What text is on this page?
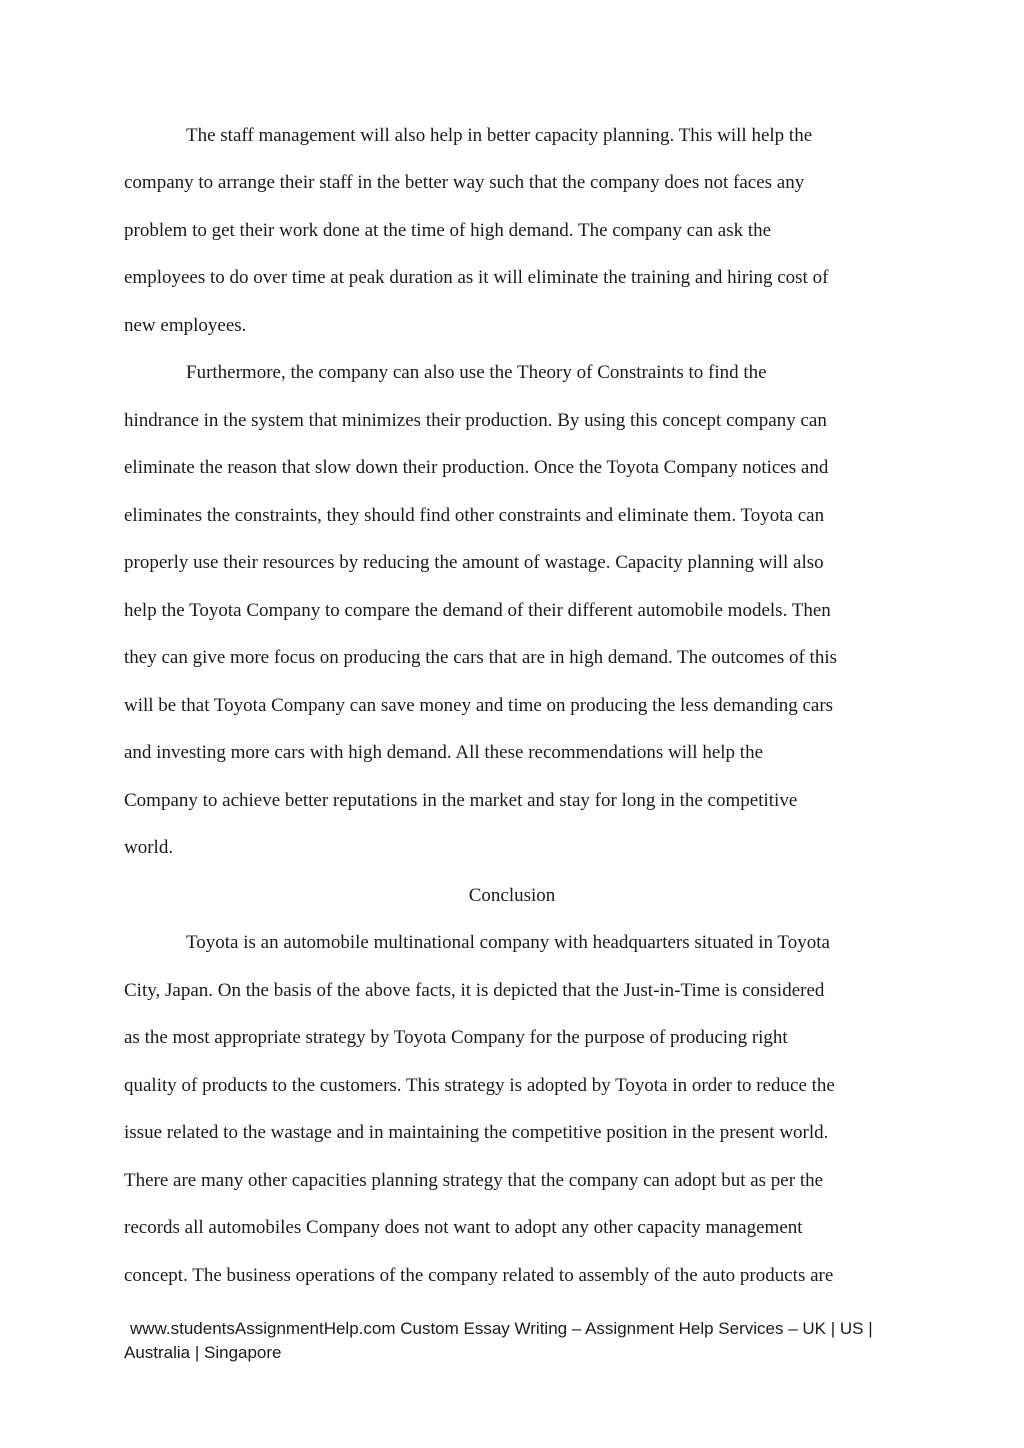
The staff management will also help in better capacity planning. This will help the
company to arrange their staff in the better way such that the company does not faces any
problem to get their work done at the time of high demand. The company can ask the
employees to do over time at peak duration as it will eliminate the training and hiring cost of
new employees.
Furthermore, the company can also use the Theory of Constraints to find the
hindrance in the system that minimizes their production. By using this concept company can
eliminate the reason that slow down their production. Once the Toyota Company notices and
eliminates the constraints, they should find other constraints and eliminate them. Toyota can
properly use their resources by reducing the amount of wastage. Capacity planning will also
help the Toyota Company to compare the demand of their different automobile models. Then
they can give more focus on producing the cars that are in high demand. The outcomes of this
will be that Toyota Company can save money and time on producing the less demanding cars
and investing more cars with high demand. All these recommendations will help the
Company to achieve better reputations in the market and stay for long in the competitive
world.
Conclusion
Toyota is an automobile multinational company with headquarters situated in Toyota
City, Japan. On the basis of the above facts, it is depicted that the Just-in-Time is considered
as the most appropriate strategy by Toyota Company for the purpose of producing right
quality of products to the customers. This strategy is adopted by Toyota in order to reduce the
issue related to the wastage and in maintaining the competitive position in the present world.
There are many other capacities planning strategy that the company can adopt but as per the
records all automobiles Company does not want to adopt any other capacity management
concept. The business operations of the company related to assembly of the auto products are
www.studentsAssignmentHelp.com Custom Essay Writing – Assignment Help Services – UK | US |
Australia | Singapore
